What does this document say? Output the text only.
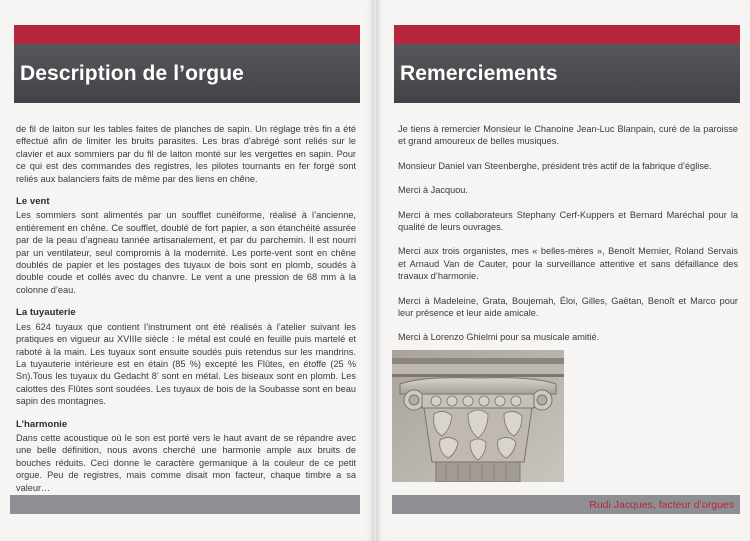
Description de l’orgue

de fil de laiton sur les tables faites de planches de sapin. Un réglage très fin a été effectué afin de limiter les bruits parasites. Les bras d’abrégé sont reliés sur le clavier et aux sommiers par du fil de laiton monté sur les vergettes en sapin. Pour ce qui est des commandes des registres, les pilotes tournants en fer forgé sont reliés aux balanciers faits de même par des liens en chêne.

Le vent

Les sommiers sont alimentés par un soufflet cunéiforme, réalisé à l’ancienne, entièrement en chêne. Ce soufflet, doublé de fort papier, a son étanchéité assurée par de la peau d’agneau tannée artisanalement, et par du parchemin. Il est nourri par un ventilateur, seul compromis à la modernité. Les porte-vent sont en chêne doublés de papier et les postages des tuyaux de bois sont en plomb, soudés à double coude et collés avec du chanvre. Le vent a une pression de 68 mm à la colonne d’eau.

La tuyauterie

Les 624 tuyaux que contient l’instrument ont été réalisés à l’atelier suivant les pratiques en vigueur au XVIIIe siècle : le métal est coulé en feuille puis martelé et raboté à la main. Les tuyaux sont ensuite soudés puis retendus sur les mandrins. La tuyauterie intérieure est en étain (85 %) excepté les Flûtes, en étoffe (25 % Sn).Tous les tuyaux du Gedacht 8’ sont en métal. Les biseaux sont en plomb. Les calottes des Flûtes sont soudées. Les tuyaux de bois de la Soubasse sont en beau sapin des montagnes.

L’harmonie

Dans cette acoustique où le son est porté vers le haut avant de se répandre avec une belle définition, nous avons cherché une harmonie ample aux bruits de bouches réduits. Ceci donne le caractère germanique à la couleur de ce petit orgue. Peu de registres, mais comme disait mon facteur, chaque timbre a sa valeur…

Remerciements

Je tiens à remercier Monsieur le Chanoine Jean-Luc Blanpain, curé de la paroisse et grand amoureux de belles musiques.

Monsieur Daniel van Steenberghe, président très actif de la fabrique d’église.

Merci à Jacquou.

Merci à mes collaborateurs Stephany Cerf-Kuppers et Bernard Maréchal pour la qualité de leurs ouvrages.

Merci aux trois organistes, mes « belles-mères », Benoît Mernier, Roland Servais et Arnaud Van de Cauter, pour la surveillance attentive et sans défaillance des travaux d’harmonie.

Merci à Madeleine, Grata, Boujemah, Éloi, Gilles, Gaëtan, Benoît et Marco pour leur présence et leur aide amicale.

Merci à Lorenzo Ghielmi pour sa musicale amitié.

Rudi Jacques, facteur d’orgues
